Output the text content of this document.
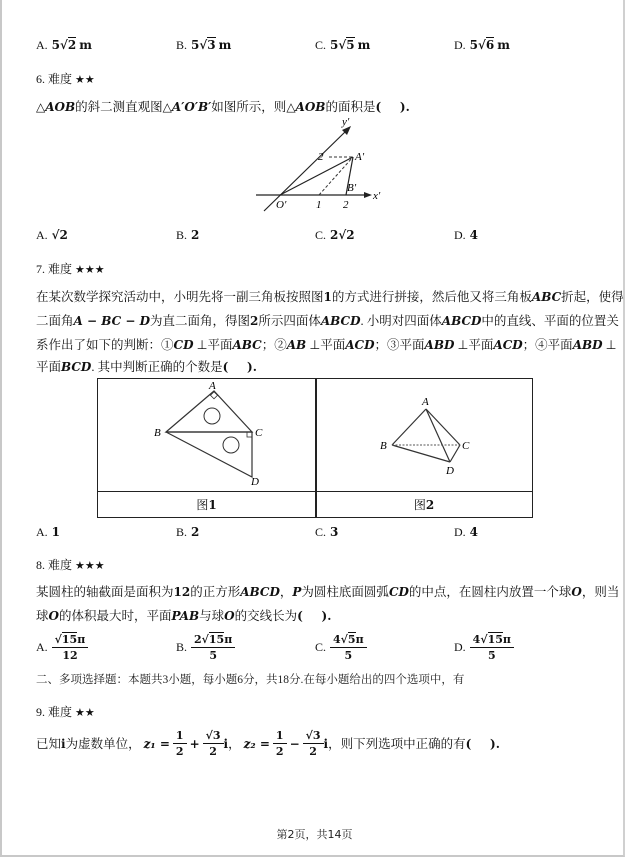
A. 5√2 m	B. 5√3 m	C. 5√5 m	D. 5√6 m
6. 难度 ★★
△AOB的斜二测直观图△A′O′B′如图所示，则△AOB的面积是( ).
y′
x′
2	A′
B′
O′	1 2
A. √2	B. 2	C. 2√2	D. 4
7. 难度 ★★★
在某次数学探究活动中，小明先将一副三角板按照图1的方式进行拼接，然后他又将三角板ABC折起，使得
二面角A − BC − D为直二面角，得图2所示四面体ABCD. 小明对四面体ABCD中的直线、平面的位置关
系作出了如下的判断：①CD ⊥平面ABC；②AB ⊥平面ACD；③平面ABD ⊥平面ACD；④平面ABD ⊥
平面BCD. 其中判断正确的个数是( ).
A
B	C
D
图1
A
B	C
D
图2
A. 1	B. 2	C. 3	D. 4
8. 难度 ★★★
某圆柱的轴截面是面积为12的正方形ABCD，P为圆柱底面圆弧CD的中点，在圆柱内放置一个球O，则当
球O的体积最大时，平面PAB与球O的交线长为( ).
A. $\frac{√15\pi}{12}$	B. $\frac{2√15\pi}{5}$	C. $\frac{4√5\pi}{5}$	D. $\frac{4√15\pi}{5}$
二、多项选择题：本题共3小题，每小题6分，共18分.在每小题给出的四个选项中，有
9. 难度 ★★
已知 i 为虚数单位， $z_1 = \frac{1}{2} + \frac{√3}{2}$ i ， $z_2 = \frac{1}{2} - \frac{√3}{2}$ i ，则下列选项中正确的有 (
).
第2页，共14页
